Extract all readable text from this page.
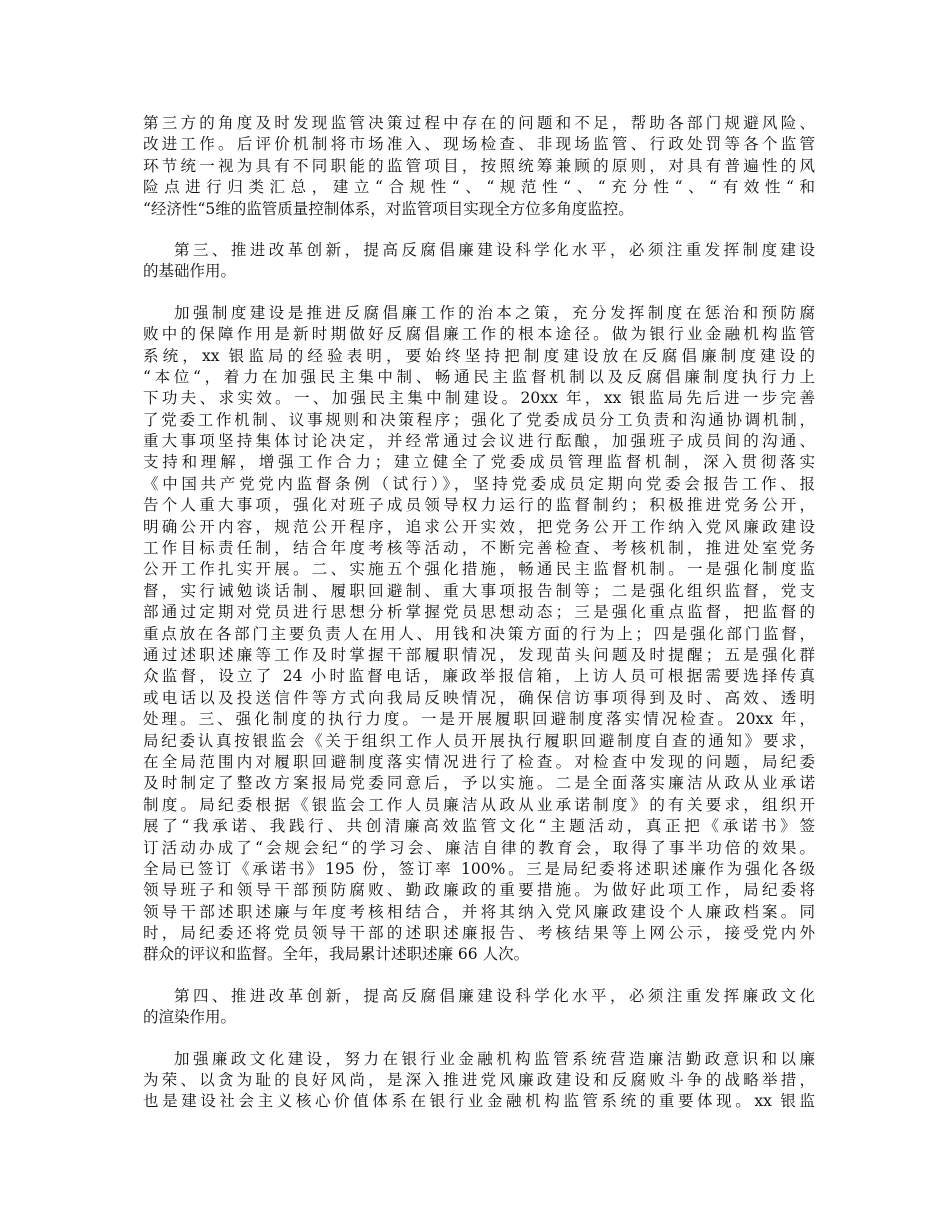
第三方的角度及时发现监管决策过程中存在的问题和不足，帮助各部门规避风险、
改进工作。后评价机制将市场准入、现场检查、非现场监管、行政处罚等各个监管
环节统一视为具有不同职能的监管项目，按照统筹兼顾的原则，对具有普遍性的风
险点进行归类汇总，建立“合规性“、“规范性“、“充分性“、“有效性“和
“经济性“5维的监管质量控制体系，对监管项目实现全方位多角度监控。
第三、推进改革创新，提高反腐倡廉建设科学化水平，必须注重发挥制度建设
的基础作用。
加强制度建设是推进反腐倡廉工作的治本之策，充分发挥制度在惩治和预防腐
败中的保障作用是新时期做好反腐倡廉工作的根本途径。做为银行业金融机构监管
系统，xx 银监局的经验表明，要始终坚持把制度建设放在反腐倡廉制度建设的
“本位“，着力在加强民主集中制、畅通民主监督机制以及反腐倡廉制度执行力上
下功夫、求实效。一、加强民主集中制建设。20xx 年，xx 银监局先后进一步完善
了党委工作机制、议事规则和决策程序；强化了党委成员分工负责和沟通协调机制，
重大事项坚持集体讨论决定，并经常通过会议进行酝酿，加强班子成员间的沟通、
支持和理解，增强工作合力；建立健全了党委成员管理监督机制，深入贯彻落实
《中国共产党党内监督条例（试行）》，坚持党委成员定期向党委会报告工作、报
告个人重大事项，强化对班子成员领导权力运行的监督制约；积极推进党务公开，
明确公开内容，规范公开程序，追求公开实效，把党务公开工作纳入党风廉政建设
工作目标责任制，结合年度考核等活动，不断完善检查、考核机制，推进处室党务
公开工作扎实开展。二、实施五个强化措施，畅通民主监督机制。一是强化制度监
督，实行诫勉谈话制、履职回避制、重大事项报告制等；二是强化组织监督，党支
部通过定期对党员进行思想分析掌握党员思想动态；三是强化重点监督，把监督的
重点放在各部门主要负责人在用人、用钱和决策方面的行为上；四是强化部门监督，
通过述职述廉等工作及时掌握干部履职情况，发现苗头问题及时提醒；五是强化群
众监督，设立了 24 小时监督电话，廉政举报信箱，上访人员可根据需要选择传真
或电话以及投送信件等方式向我局反映情况，确保信访事项得到及时、高效、透明
处理。三、强化制度的执行力度。一是开展履职回避制度落实情况检查。20xx 年，
局纪委认真按银监会《关于组织工作人员开展执行履职回避制度自查的通知》要求，
在全局范围内对履职回避制度落实情况进行了检查。对检查中发现的问题，局纪委
及时制定了整改方案报局党委同意后，予以实施。二是全面落实廉洁从政从业承诺
制度。局纪委根据《银监会工作人员廉洁从政从业承诺制度》的有关要求，组织开
展了“我承诺、我践行、共创清廉高效监管文化“主题活动，真正把《承诺书》签
订活动办成了“会规会纪“的学习会、廉洁自律的教育会，取得了事半功倍的效果。
全局已签订《承诺书》195 份，签订率 100%。三是局纪委将述职述廉作为强化各级
领导班子和领导干部预防腐败、勤政廉政的重要措施。为做好此项工作，局纪委将
领导干部述职述廉与年度考核相结合，并将其纳入党风廉政建设个人廉政档案。同
时，局纪委还将党员领导干部的述职述廉报告、考核结果等上网公示，接受党内外
群众的评议和监督。全年，我局累计述职述廉 66 人次。
第四、推进改革创新，提高反腐倡廉建设科学化水平，必须注重发挥廉政文化
的渲染作用。
加强廉政文化建设，努力在银行业金融机构监管系统营造廉洁勤政意识和以廉
为荣、以贪为耻的良好风尚，是深入推进党风廉政建设和反腐败斗争的战略举措，
也是建设社会主义核心价值体系在银行业金融机构监管系统的重要体现。xx 银监
